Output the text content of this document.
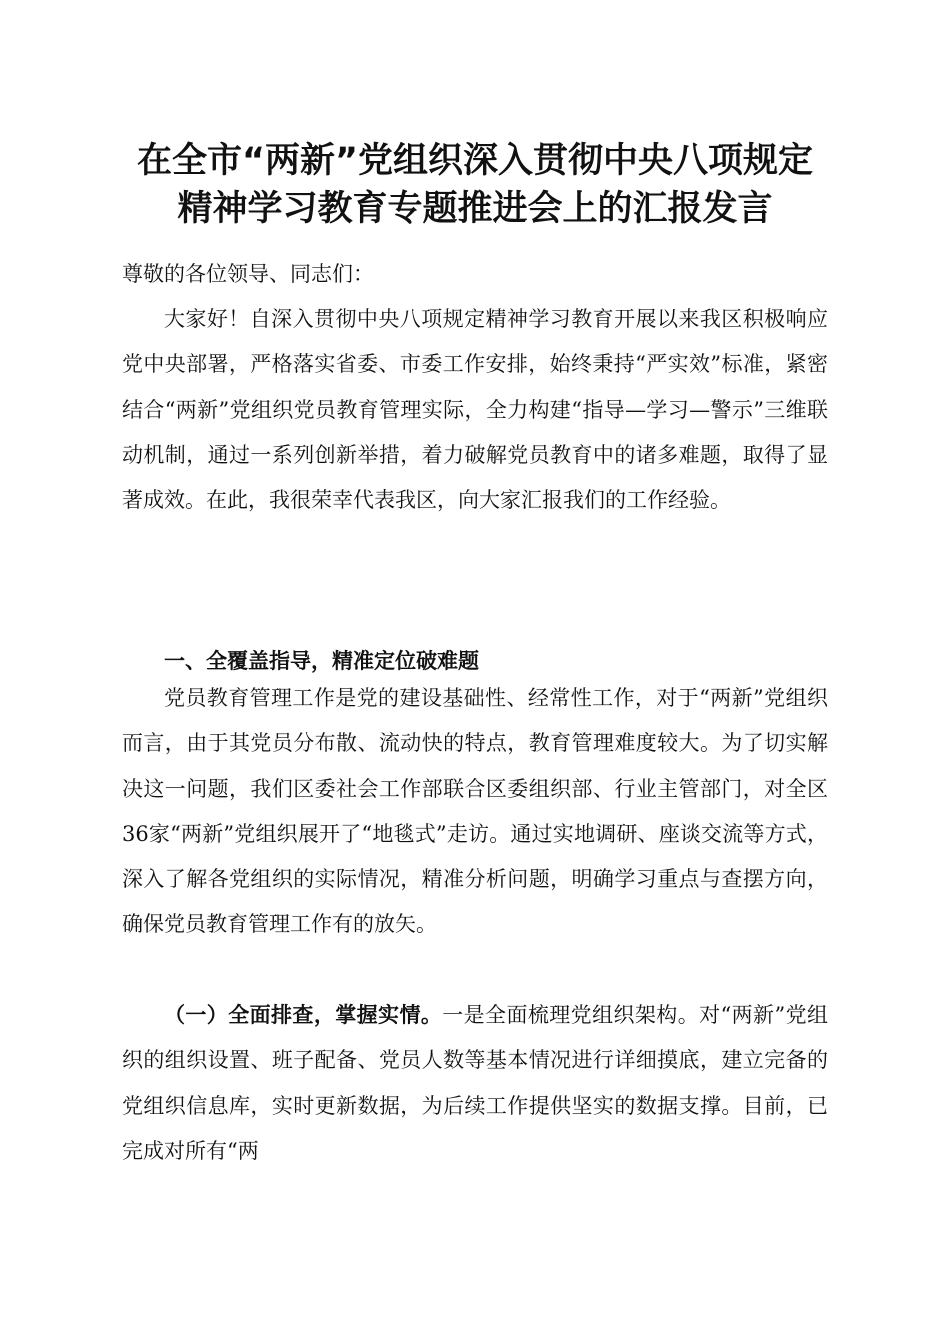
在全市“两新”党组织深入贯彻中央八项规定
精神学习教育专题推进会上的汇报发言

尊敬的各位领导、同志们：

大家好！自深入贯彻中央八项规定精神学习教育开展以来我区积极响应党中央部署，严格落实省委、市委工作安排，始终秉持“严实效”标准，紧密结合“两新”党组织党员教育管理实际，全力构建“指导—学习—警示”三维联动机制，通过一系列创新举措，着力破解党员教育中的诸多难题，取得了显著成效。在此，我很荣幸代表我区，向大家汇报我们的工作经验。

一、全覆盖指导，精准定位破难题

党员教育管理工作是党的建设基础性、经常性工作，对于“两新”党组织而言，由于其党员分布散、流动快的特点，教育管理难度较大。为了切实解决这一问题，我们区委社会工作部联合区委组织部、行业主管部门，对全区36家“两新”党组织展开了“地毯式”走访。通过实地调研、座谈交流等方式，深入了解各党组织的实际情况，精准分析问题，明确学习重点与查摆方向，确保党员教育管理工作有的放矢。

（一）全面排查，掌握实情。一是全面梳理党组织架构。对“两新”党组织的组织设置、班子配备、党员人数等基本情况进行详细摸底，建立完备的党组织信息库，实时更新数据，为后续工作提供坚实的数据支撑。目前，已完成对所有“两
